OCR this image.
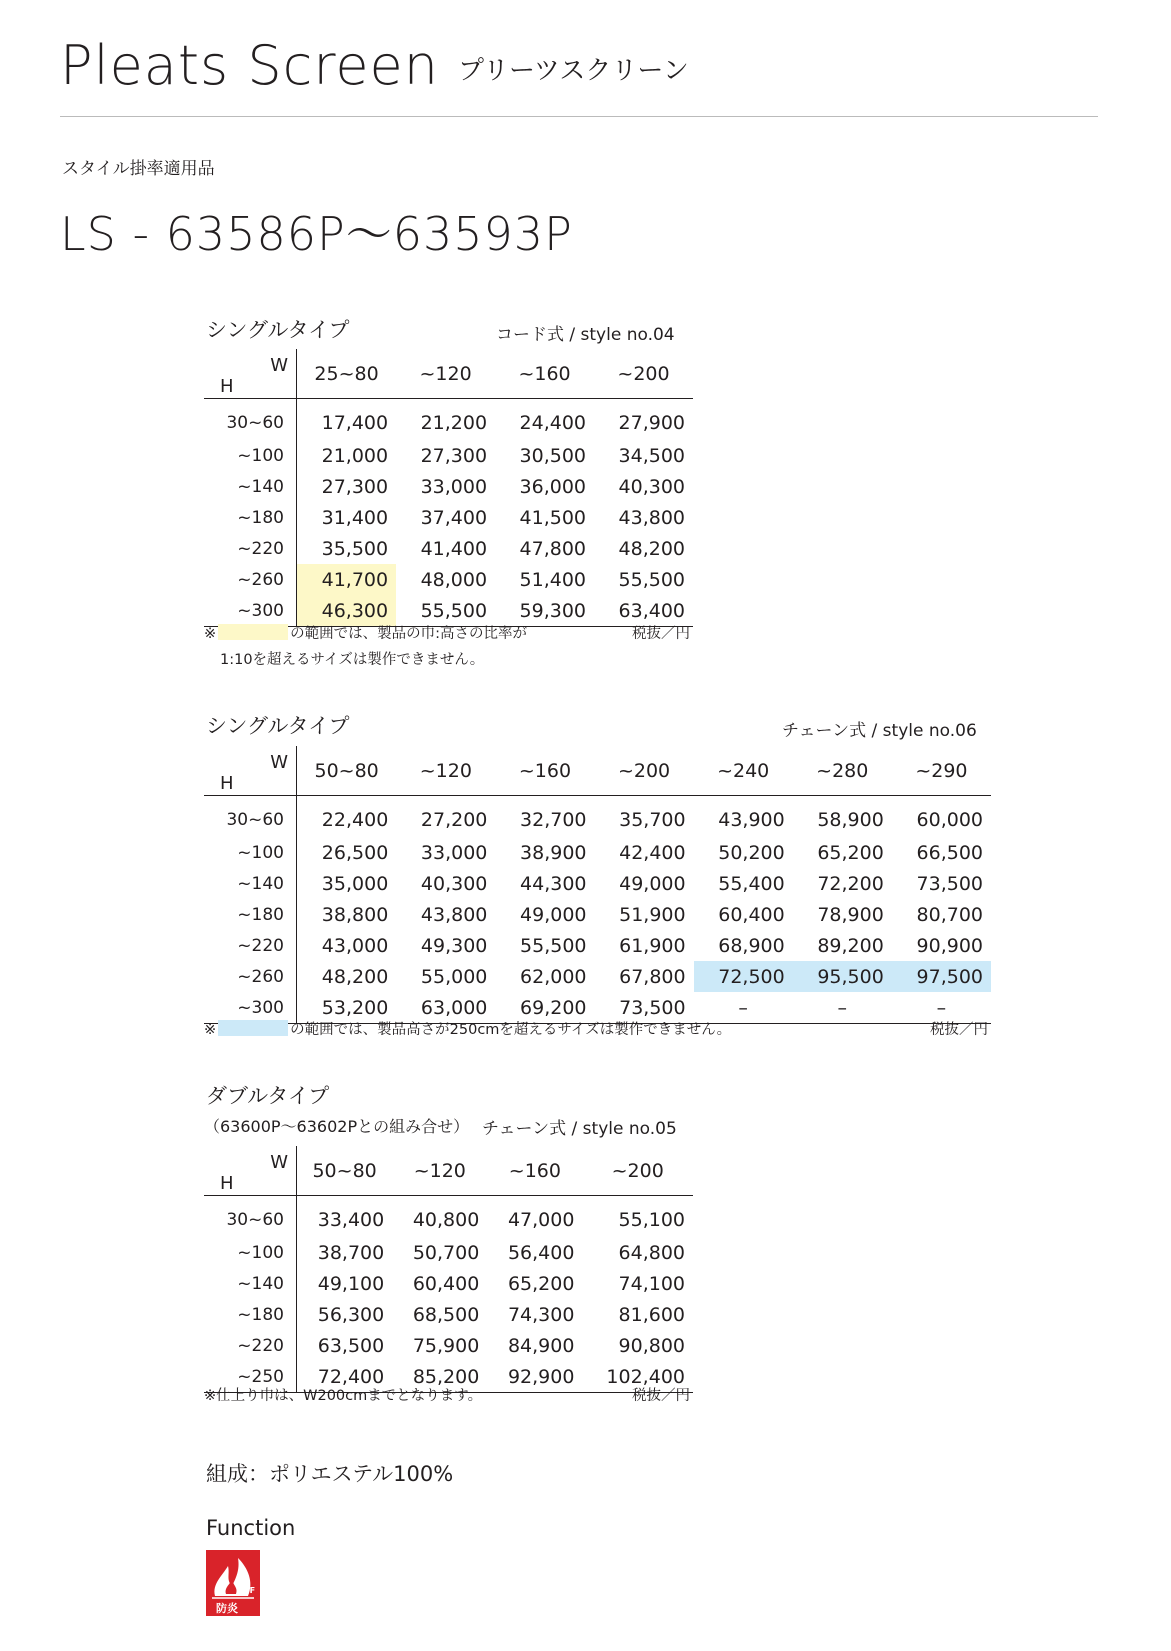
Pleats Screen プリーツスクリーン
スタイル掛率適用品
LS - 63586P～63593P
シングルタイプ	コード式 / style no.04
W
H	25~80	~120	~160	~200
30~60	17,400	21,200	24,400	27,900
~100	21,000	27,300	30,500	34,500
~140	27,300	33,000	36,000	40,300
~180	31,400	37,400	41,500	43,800
~220	35,500	41,400	47,800	48,200
~260	41,700	48,000	51,400	55,500
~300	46,300	55,500	59,300	63,400
※	の範囲では、製品の巾:高さの比率が
1:10を超えるサイズは製作できません。
税抜／円
シングルタイプ	チェーン式 / style no.06
W
H	50~80	~120	~160	~200	~240	~280	~290
30~60	22,400	27,200	32,700	35,700	43,900	58,900	60,000
~100	26,500	33,000	38,900	42,400	50,200	65,200	66,500
~140	35,000	40,300	44,300	49,000	55,400	72,200	73,500
~180	38,800	43,800	49,000	51,900	60,400	78,900	80,700
~220	43,000	49,300	55,500	61,900	68,900	89,200	90,900
~260	48,200	55,000	62,000	67,800	72,500	95,500	97,500
~300	53,200	63,000	69,200	73,500	–	–	–
※	の範囲では、製品高さが250cmを超えるサイズは製作できません。	税抜／円
ダブルタイプ
（63600P～63602Pとの組み合せ） チェーン式 / style no.05
W
H	50~80	~120	~160	~200
30~60	33,400	40,800	47,000	55,100
~100	38,700	50,700	56,400	64,800
~140	49,100	60,400	65,200	74,100
~180	56,300	68,500	74,300	81,600
~220	63,500	75,900	84,900	90,800
~250	72,400	85,200	92,900	102,400
※仕上り巾は、W200cmまでとなります。	税抜／円
組成：ポリエステル100%
Function
NIF
防炎
